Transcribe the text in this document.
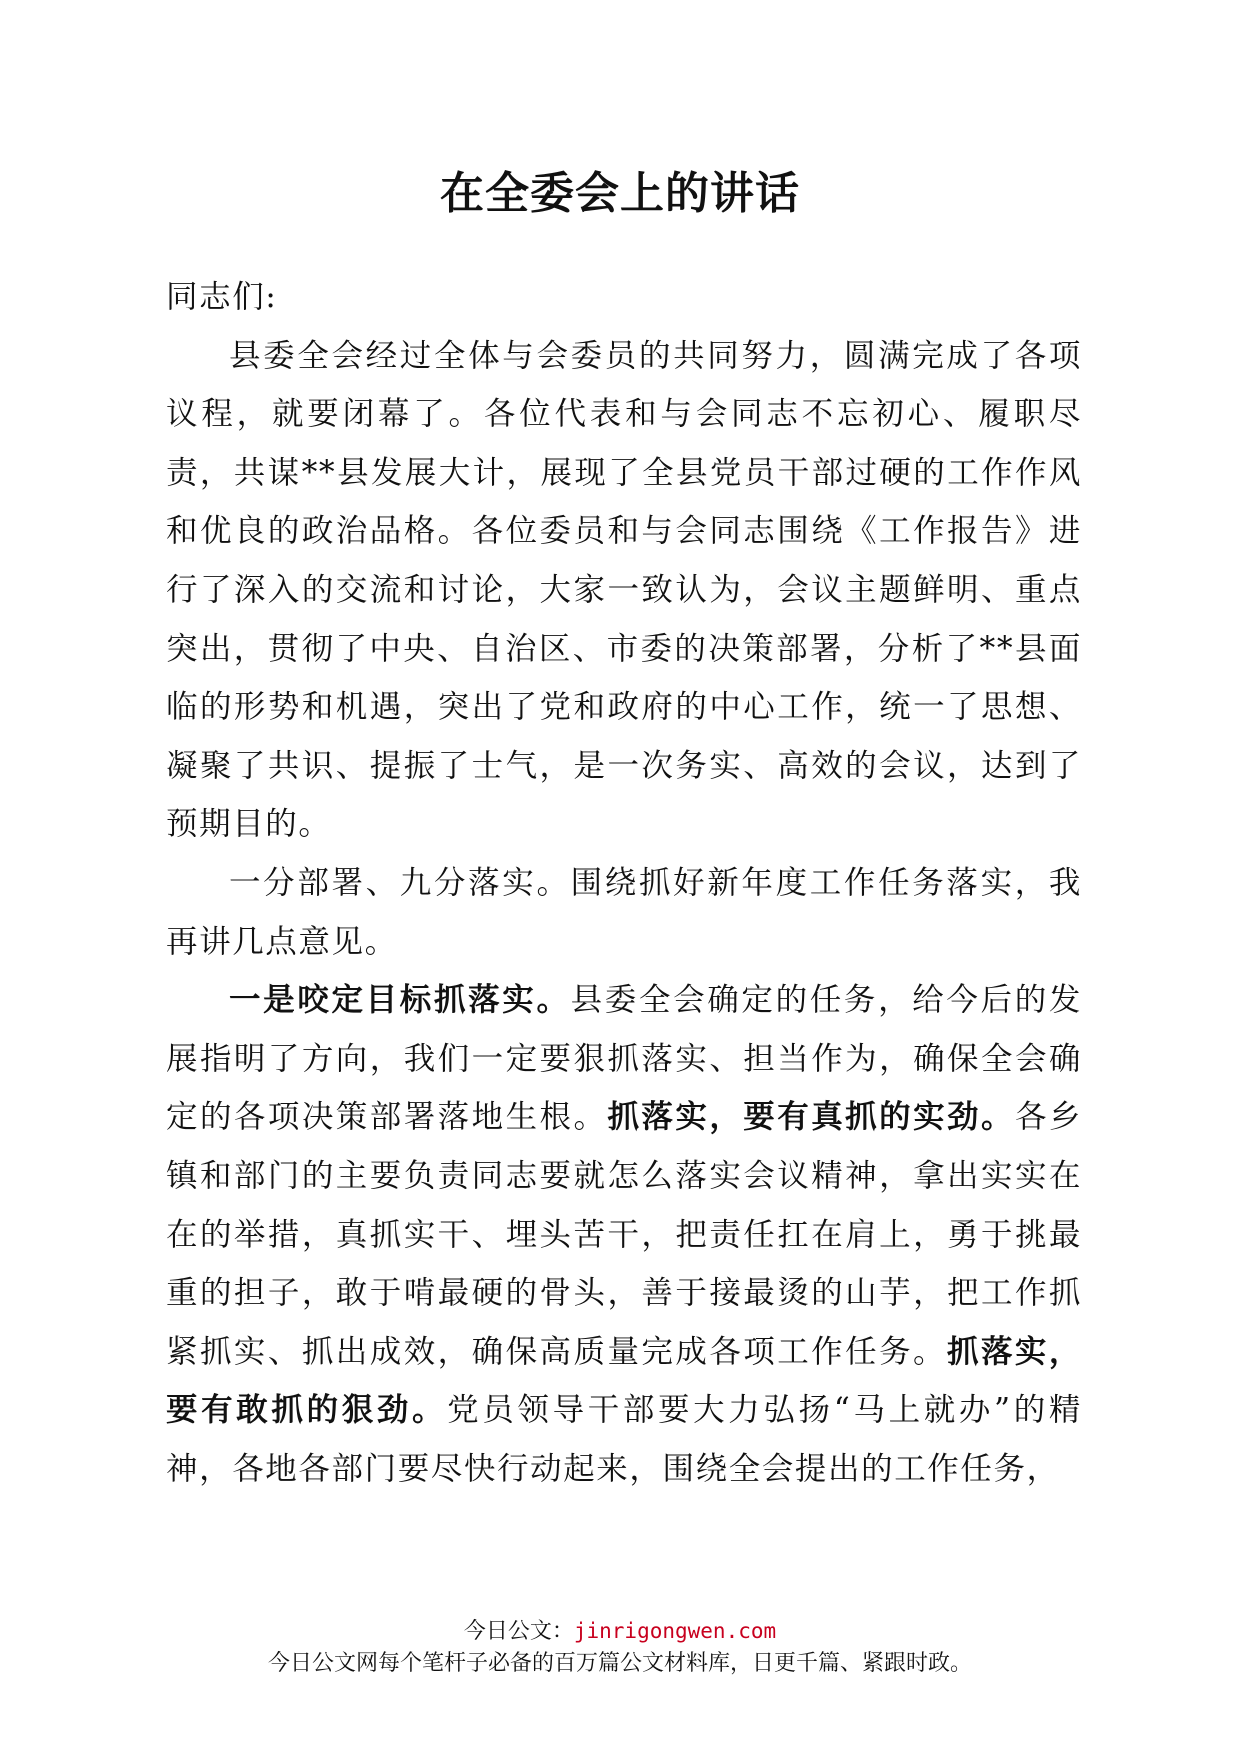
在全委会上的讲话

同志们:

县委全会经过全体与会委员的共同努力，圆满完成了各项议程，就要闭幕了。各位代表和与会同志不忘初心、履职尽责，共谋**县发展大计，展现了全县党员干部过硬的工作作风和优良的政治品格。各位委员和与会同志围绕《工作报告》进行了深入的交流和讨论，大家一致认为，会议主题鲜明、重点突出，贯彻了中央、自治区、市委的决策部署，分析了**县面临的形势和机遇，突出了党和政府的中心工作，统一了思想、凝聚了共识、提振了士气，是一次务实、高效的会议，达到了预期目的。

一分部署、九分落实。围绕抓好新年度工作任务落实，我再讲几点意见。

一是咬定目标抓落实。县委全会确定的任务，给今后的发展指明了方向，我们一定要狠抓落实、担当作为，确保全会确定的各项决策部署落地生根。抓落实，要有真抓的实劲。各乡镇和部门的主要负责同志要就怎么落实会议精神，拿出实实在在的举措，真抓实干、埋头苦干，把责任扛在肩上，勇于挑最重的担子，敢于啃最硬的骨头，善于接最烫的山芋，把工作抓紧抓实、抓出成效，确保高质量完成各项工作任务。抓落实，要有敢抓的狠劲。党员领导干部要大力弘扬“马上就办”的精神，各地各部门要尽快行动起来，围绕全会提出的工作任务，

今日公文：jinrigongwen.com
今日公文网每个笔杆子必备的百万篇公文材料库，日更千篇、紧跟时政。
